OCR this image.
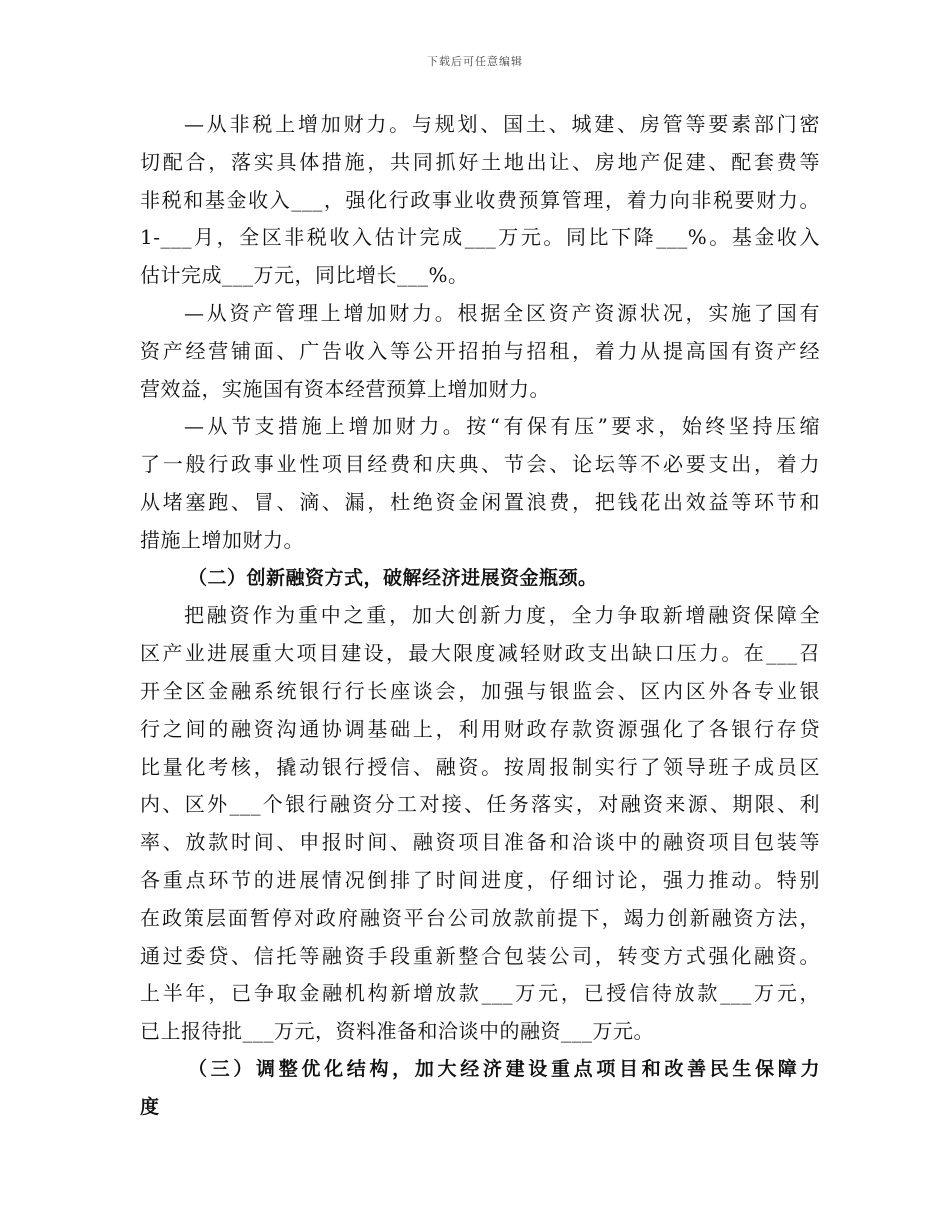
下载后可任意编辑
—从非税上增加财力。与规划、国土、城建、房管等要素部门密
切配合，落实具体措施，共同抓好土地出让、房地产促建、配套费等
非税和基金收入___，强化行政事业收费预算管理，着力向非税要财力。
1-___月，全区非税收入估计完成___万元。同比下降___%。基金收入
估计完成___万元，同比增长___%。
—从资产管理上增加财力。根据全区资产资源状况，实施了国有
资产经营铺面、广告收入等公开招拍与招租，着力从提高国有资产经
营效益，实施国有资本经营预算上增加财力。
—从节支措施上增加财力。按“有保有压”要求，始终坚持压缩
了一般行政事业性项目经费和庆典、节会、论坛等不必要支出，着力
从堵塞跑、冒、滴、漏，杜绝资金闲置浪费，把钱花出效益等环节和
措施上增加财力。
（二）创新融资方式，破解经济进展资金瓶颈。
把融资作为重中之重，加大创新力度，全力争取新增融资保障全
区产业进展重大项目建设，最大限度减轻财政支出缺口压力。在___召
开全区金融系统银行行长座谈会，加强与银监会、区内区外各专业银
行之间的融资沟通协调基础上，利用财政存款资源强化了各银行存贷
比量化考核，撬动银行授信、融资。按周报制实行了领导班子成员区
内、区外___个银行融资分工对接、任务落实，对融资来源、期限、利
率、放款时间、申报时间、融资项目准备和洽谈中的融资项目包装等
各重点环节的进展情况倒排了时间进度，仔细讨论，强力推动。特别
在政策层面暂停对政府融资平台公司放款前提下，竭力创新融资方法，
通过委贷、信托等融资手段重新整合包装公司，转变方式强化融资。
上半年，已争取金融机构新增放款___万元，已授信待放款___万元，
已上报待批___万元，资料准备和洽谈中的融资___万元。
（三）调整优化结构，加大经济建设重点项目和改善民生保障力
度
